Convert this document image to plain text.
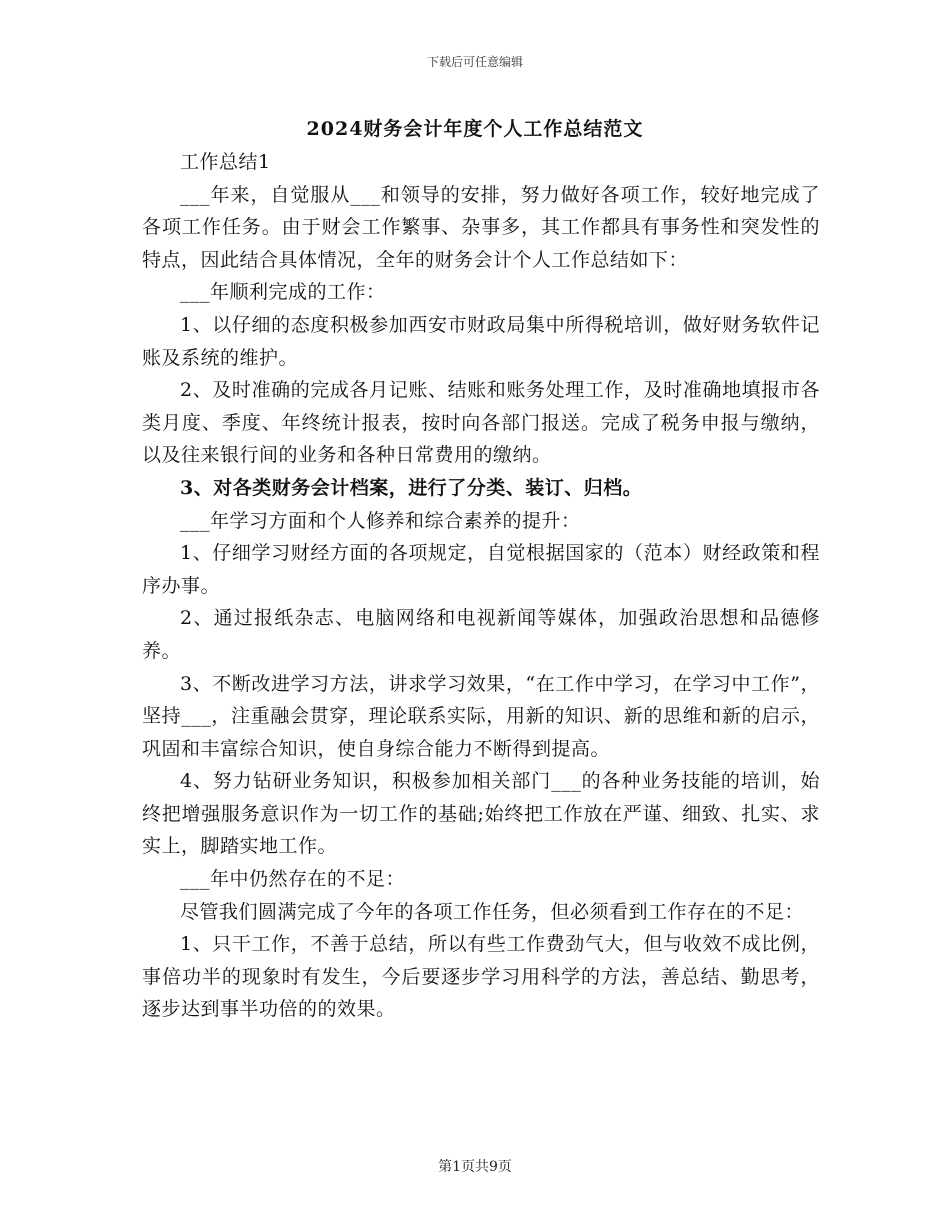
下载后可任意编辑
2024财务会计年度个人工作总结范文

工作总结1

___年来，自觉服从___和领导的安排，努力做好各项工作，较好地完成了各项工作任务。由于财会工作繁事、杂事多，其工作都具有事务性和突发性的特点，因此结合具体情况，全年的财务会计个人工作总结如下：

___年顺利完成的工作：

1、以仔细的态度积极参加西安市财政局集中所得税培训，做好财务软件记账及系统的维护。

2、及时准确的完成各月记账、结账和账务处理工作，及时准确地填报市各类月度、季度、年终统计报表，按时向各部门报送。完成了税务申报与缴纳，以及往来银行间的业务和各种日常费用的缴纳。

3、对各类财务会计档案，进行了分类、装订、归档。

___年学习方面和个人修养和综合素养的提升：

1、仔细学习财经方面的各项规定，自觉根据国家的（范本）财经政策和程序办事。

2、通过报纸杂志、电脑网络和电视新闻等媒体，加强政治思想和品德修养。

3、不断改进学习方法，讲求学习效果，“在工作中学习，在学习中工作”，坚持___，注重融会贯穿，理论联系实际，用新的知识、新的思维和新的启示，巩固和丰富综合知识，使自身综合能力不断得到提高。

4、努力钻研业务知识，积极参加相关部门___的各种业务技能的培训，始终把增强服务意识作为一切工作的基础;始终把工作放在严谨、细致、扎实、求实上，脚踏实地工作。

___年中仍然存在的不足：

尽管我们圆满完成了今年的各项工作任务，但必须看到工作存在的不足：

1、只干工作，不善于总结，所以有些工作费劲气大，但与收效不成比例，事倍功半的现象时有发生，今后要逐步学习用科学的方法，善总结、勤思考，逐步达到事半功倍的的效果。

第1页共9页
